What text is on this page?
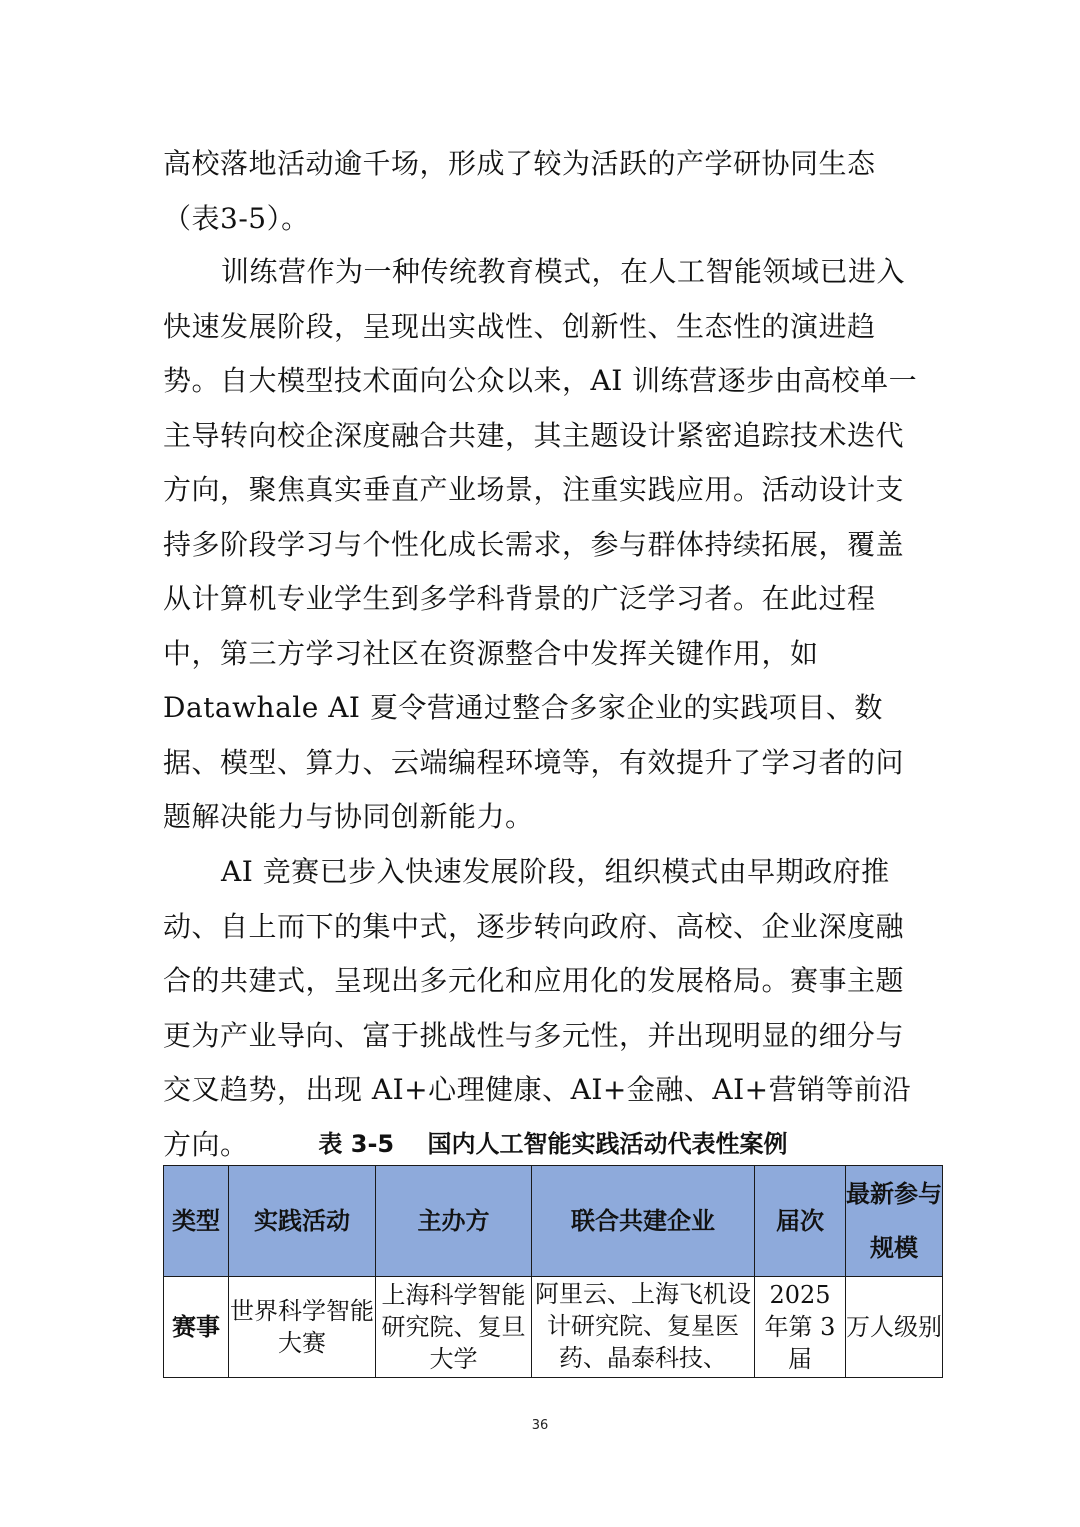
高校落地活动逾千场，形成了较为活跃的产学研协同生态（表3-5）。

训练营作为一种传统教育模式，在人工智能领域已进入快速发展阶段，呈现出实战性、创新性、生态性的演进趋势。自大模型技术面向公众以来，AI 训练营逐步由高校单一主导转向校企深度融合共建，其主题设计紧密追踪技术迭代方向，聚焦真实垂直产业场景，注重实践应用。活动设计支持多阶段学习与个性化成长需求，参与群体持续拓展，覆盖从计算机专业学生到多学科背景的广泛学习者。在此过程中，第三方学习社区在资源整合中发挥关键作用，如 Datawhale AI 夏令营通过整合多家企业的实践项目、数据、模型、算力、云端编程环境等，有效提升了学习者的问题解决能力与协同创新能力。

AI 竞赛已步入快速发展阶段，组织模式由早期政府推动、自上而下的集中式，逐步转向政府、高校、企业深度融合的共建式，呈现出多元化和应用化的发展格局。赛事主题更为产业导向、富于挑战性与多元性，并出现明显的细分与交叉趋势，出现 AI+心理健康、AI+金融、AI+营销等前沿方向。	表 3-5    国内人工智能实践活动代表性案例
类型	实践活动	主办方	联合共建企业	届次	最新参与规模

赛事	世界科学智能大赛	上海科学智能研究院、复旦大学	阿里云、上海飞机设计研究院、复星医药、晶泰科技、	2025 年第 3 届	万人级别
36
